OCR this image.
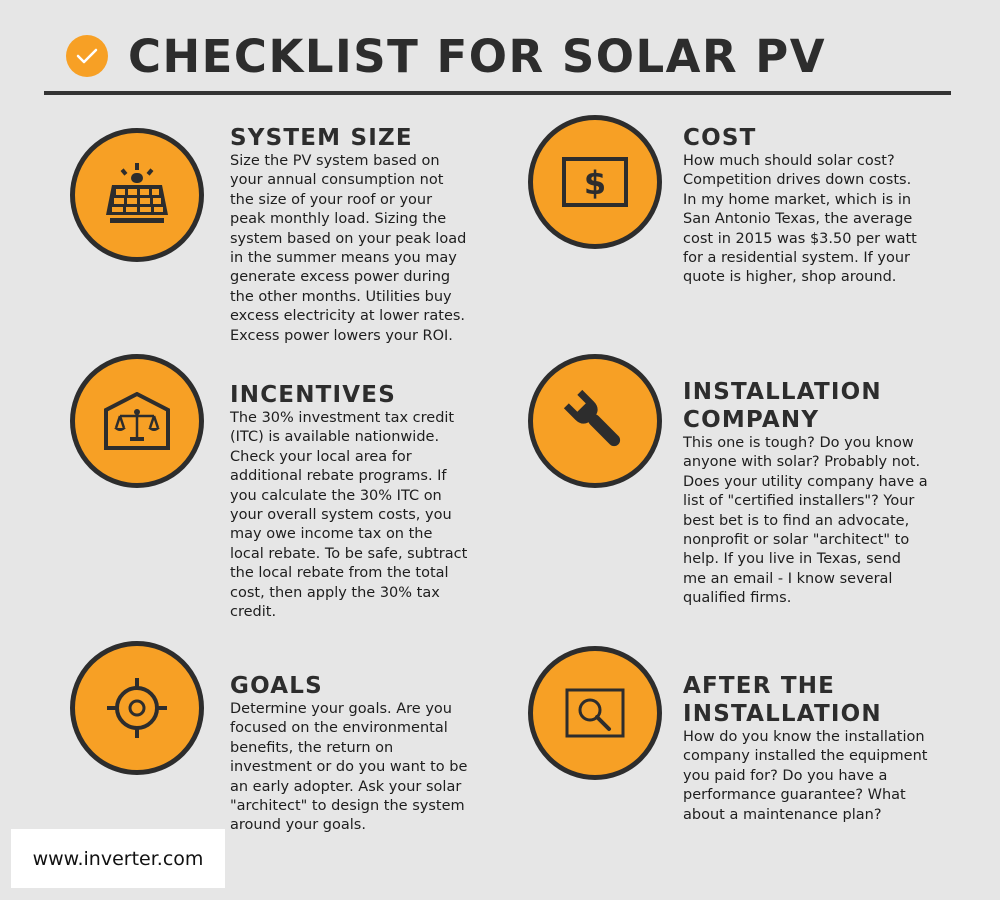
CHECKLIST FOR SOLAR PV
SYSTEM SIZE

Size the PV system based on your annual consumption not the size of your roof or your peak monthly load. Sizing the system based on your peak load in the summer means you may generate excess power during the other months. Utilities buy excess electricity at lower rates. Excess power lowers your ROI.

$
COST

How much should solar cost? Competition drives down costs. In my home market, which is in San Antonio Texas, the average cost in 2015 was $3.50 per watt for a residential system. If your quote is higher, shop around.

INCENTIVES

The 30% investment tax credit (ITC) is available nationwide. Check your local area for additional rebate programs. If you calculate the 30% ITC on your overall system costs, you may owe income tax on the local rebate. To be safe, subtract the local rebate from the total cost, then apply the 30% tax credit.

INSTALLATION
COMPANY

This one is tough? Do you know anyone with solar? Probably not. Does your utility company have a list of "certified installers"? Your best bet is to find an advocate, nonprofit or solar "architect" to help. If you live in Texas, send me an email - I know several qualified firms.

GOALS

Determine your goals. Are you focused on the environmental benefits, the return on investment or do you want to be an early adopter. Ask your solar "architect" to design the system around your goals.

AFTER THE
INSTALLATION

How do you know the installation company installed the equipment you paid for? Do you have a performance guarantee? What about a maintenance plan?

www.inverter.com
